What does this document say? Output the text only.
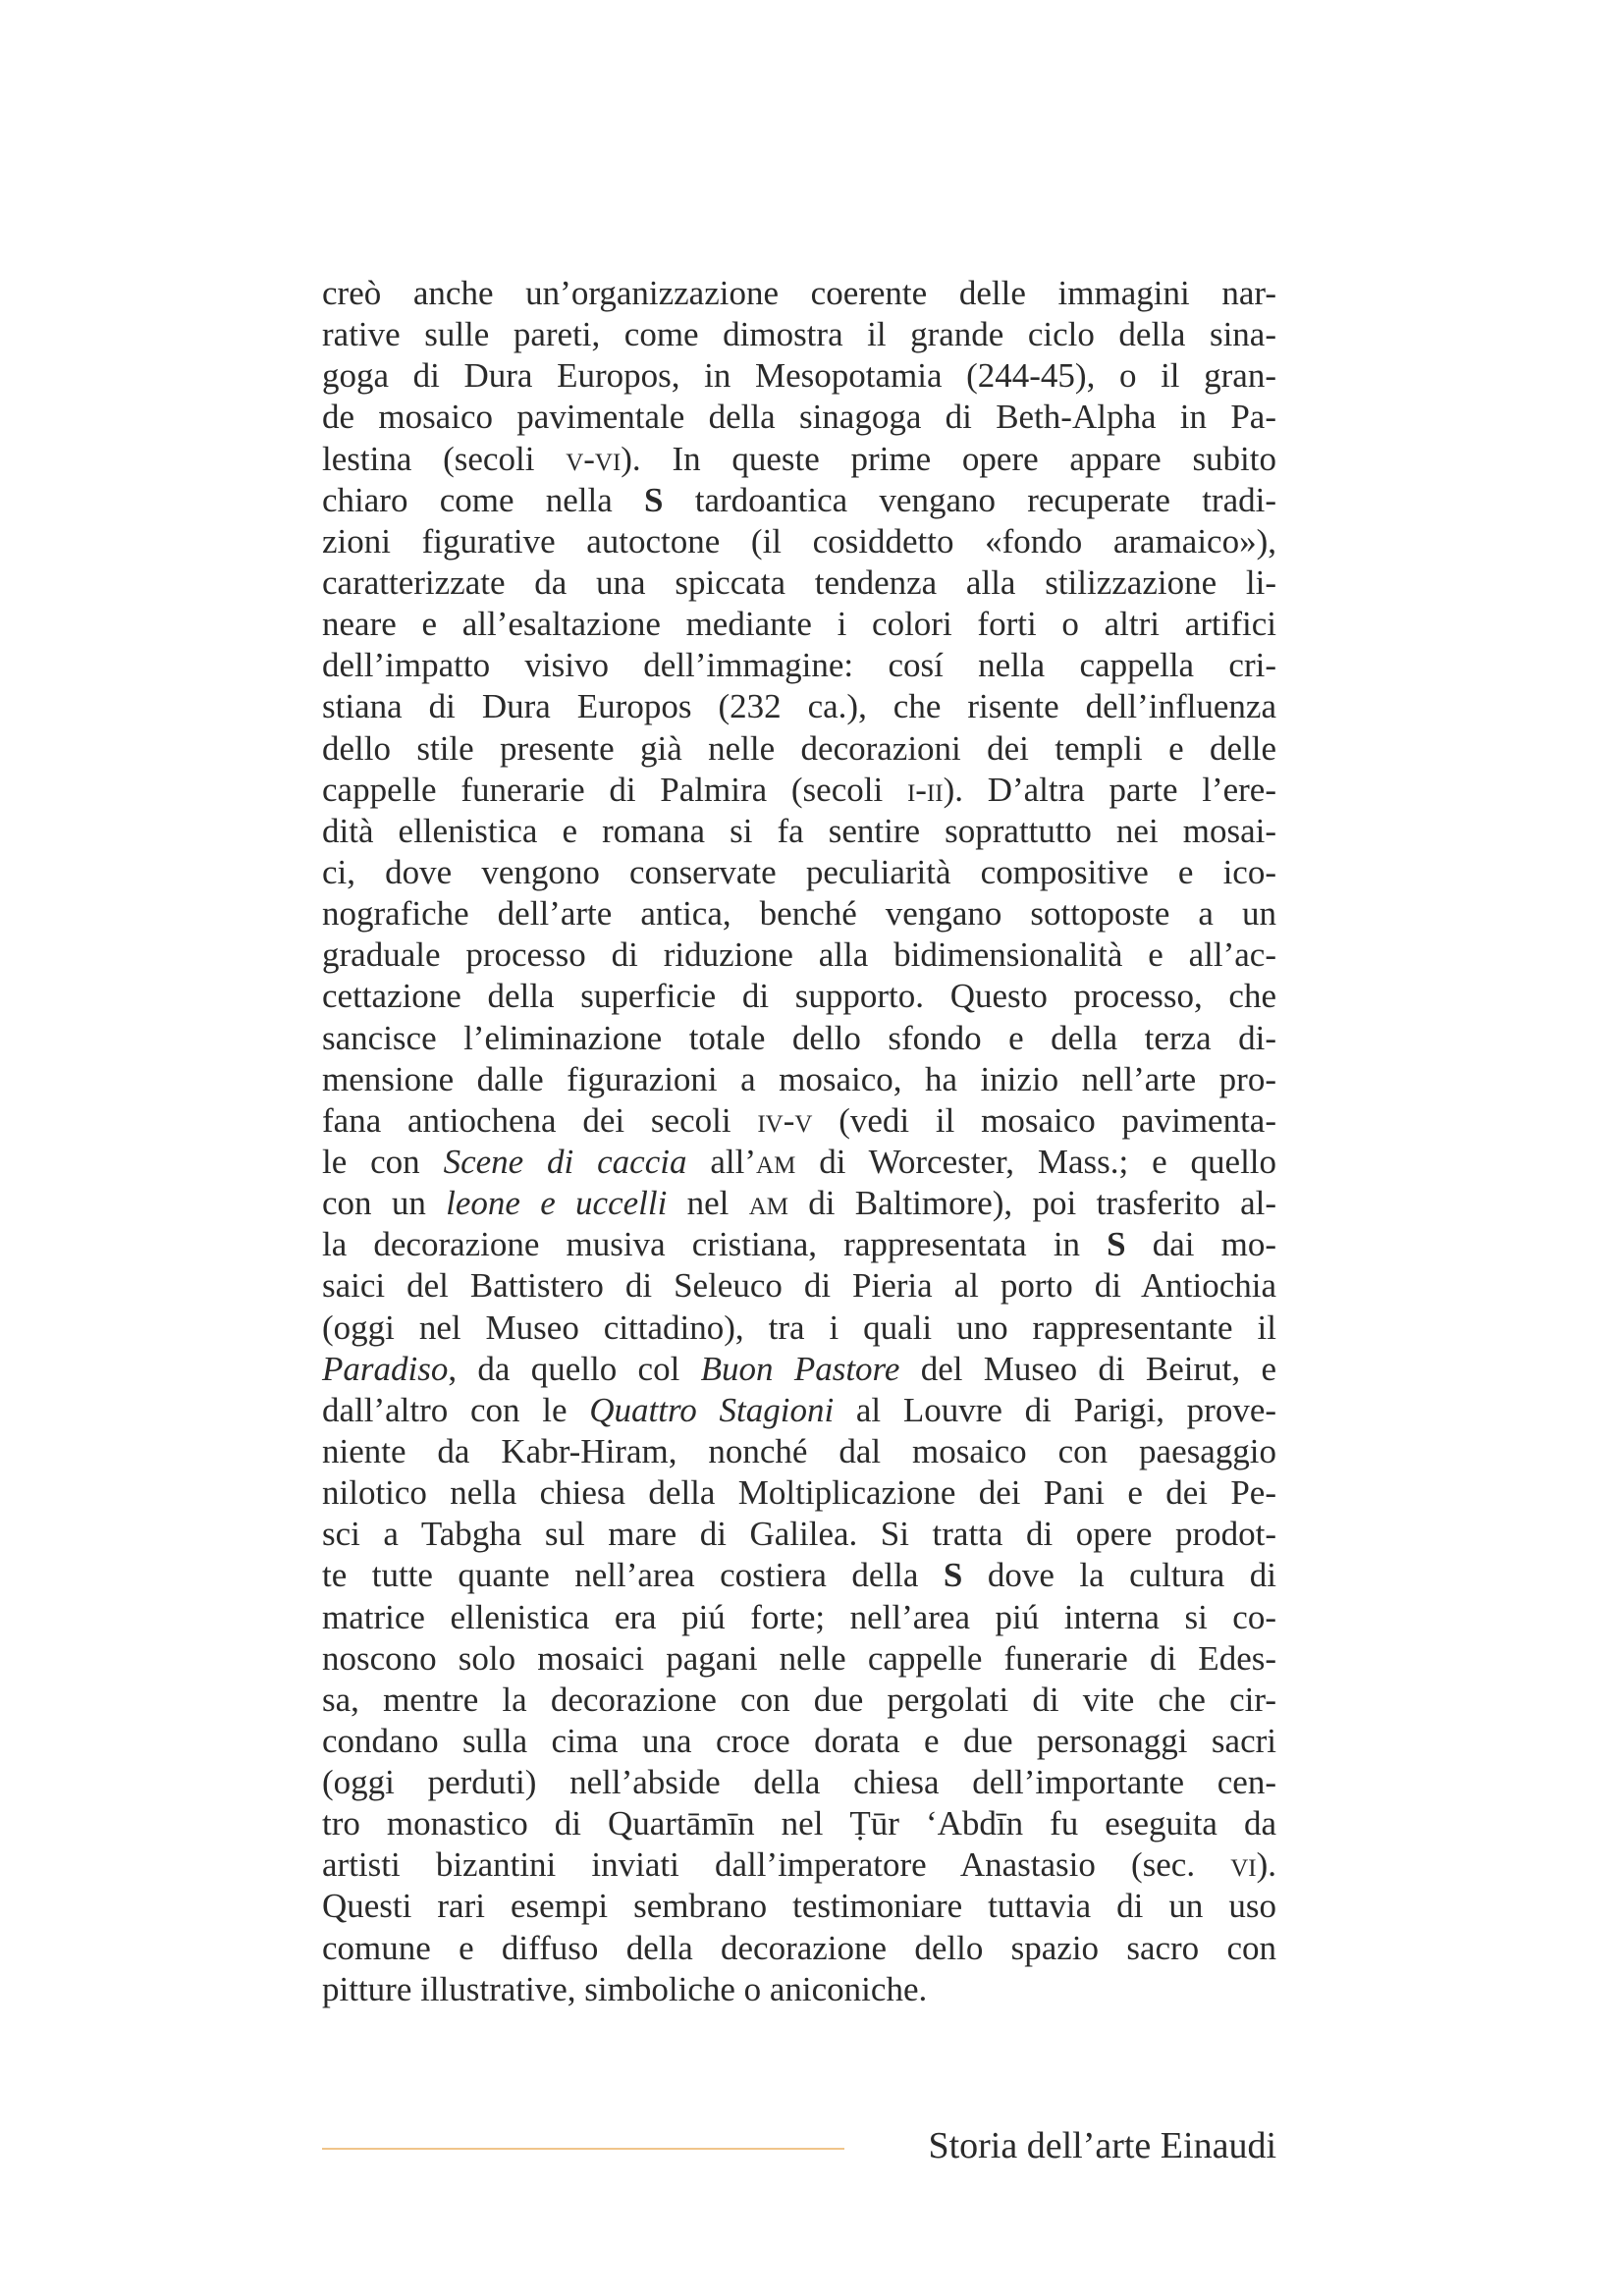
creò anche un’organizzazione coerente delle immagini nar-
rative sulle pareti, come dimostra il grande ciclo della sina-
goga di Dura Europos, in Mesopotamia (244-45), o il gran-
de mosaico pavimentale della sinagoga di Beth-Alpha in Pa-
lestina (secoli v-vi). In queste prime opere appare subito
chiaro come nella S tardoantica vengano recuperate tradi-
zioni figurative autoctone (il cosiddetto «fondo aramaico»),
caratterizzate da una spiccata tendenza alla stilizzazione li-
neare e all’esaltazione mediante i colori forti o altri artifici
dell’impatto visivo dell’immagine: cosí nella cappella cri-
stiana di Dura Europos (232 ca.), che risente dell’influenza
dello stile presente già nelle decorazioni dei templi e delle
cappelle funerarie di Palmira (secoli i-ii). D’altra parte l’ere-
dità ellenistica e romana si fa sentire soprattutto nei mosai-
ci, dove vengono conservate peculiarità compositive e ico-
nografiche dell’arte antica, benché vengano sottoposte a un
graduale processo di riduzione alla bidimensionalità e all’ac-
cettazione della superficie di supporto. Questo processo, che
sancisce l’eliminazione totale dello sfondo e della terza di-
mensione dalle figurazioni a mosaico, ha inizio nell’arte pro-
fana antiochena dei secoli iv-v (vedi il mosaico pavimenta-
le con Scene di caccia all’am di Worcester, Mass.; e quello
con un leone e uccelli nel am di Baltimore), poi trasferito al-
la decorazione musiva cristiana, rappresentata in S dai mo-
saici del Battistero di Seleuco di Pieria al porto di Antiochia
(oggi nel Museo cittadino), tra i quali uno rappresentante il
Paradiso, da quello col Buon Pastore del Museo di Beirut, e
dall’altro con le Quattro Stagioni al Louvre di Parigi, prove-
niente da Kabr-Hiram, nonché dal mosaico con paesaggio
nilotico nella chiesa della Moltiplicazione dei Pani e dei Pe-
sci a Tabgha sul mare di Galilea. Si tratta di opere prodot-
te tutte quante nell’area costiera della S dove la cultura di
matrice ellenistica era piú forte; nell’area piú interna si co-
noscono solo mosaici pagani nelle cappelle funerarie di Edes-
sa, mentre la decorazione con due pergolati di vite che cir-
condano sulla cima una croce dorata e due personaggi sacri
(oggi perduti) nell’abside della chiesa dell’importante cen-
tro monastico di Quartāmīn nel Ṭūr ‘Abdīn fu eseguita da
artisti bizantini inviati dall’imperatore Anastasio (sec. vi).
Questi rari esempi sembrano testimoniare tuttavia di un uso
comune e diffuso della decorazione dello spazio sacro con
pitture illustrative, simboliche o aniconiche.
Storia dell’arte Einaudi
